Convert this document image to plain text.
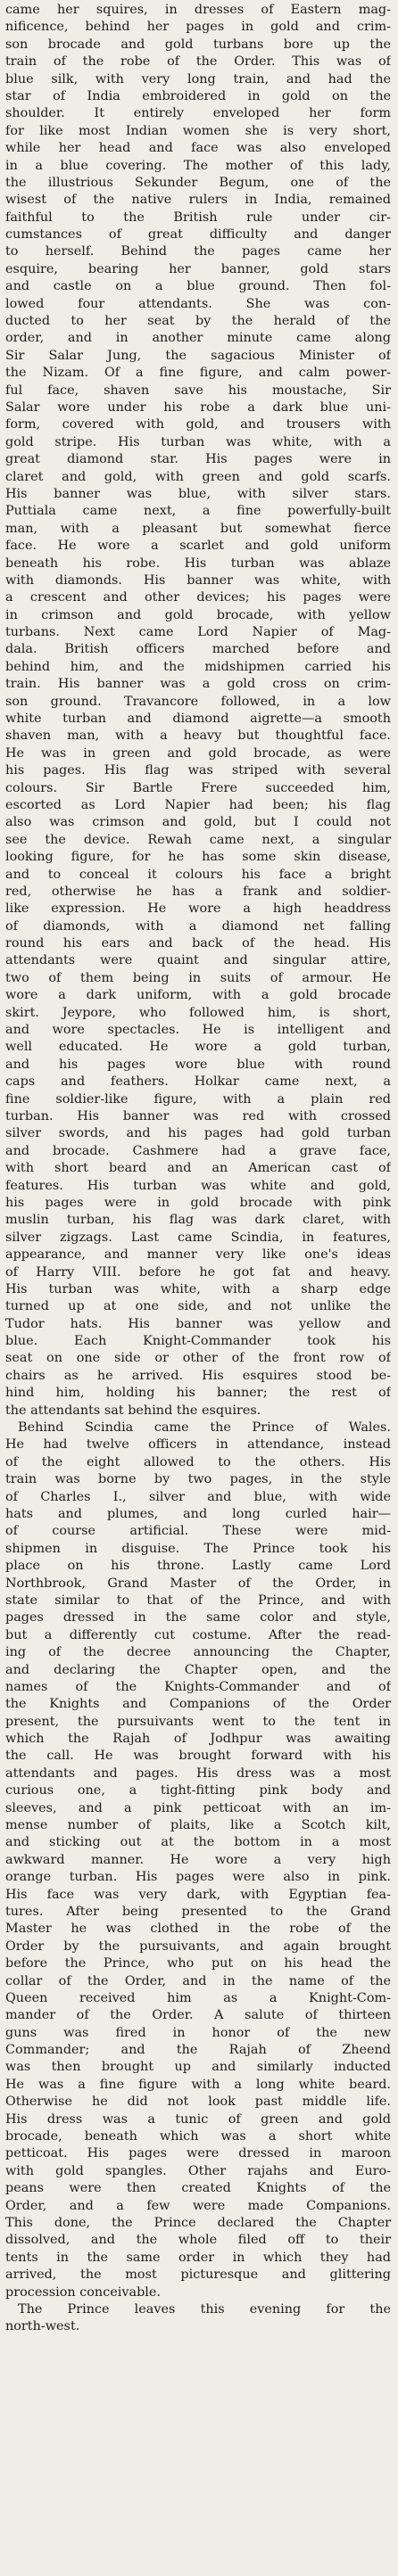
came her squires, in dresses of Eastern mag-
nificence, behind her pages in gold and crim-
son brocade and gold turbans bore up the
train of the robe of the Order. This was of
blue silk, with very long train, and had the
star of India embroidered in gold on the
shoulder. It entirely enveloped her form
for like most Indian women she is very short,
while her head and face was also enveloped
in a blue covering. The mother of this lady,
the illustrious Sekunder Begum, one of the
wisest of the native rulers in India, remained
faithful to the British rule under cir-
cumstances of great difficulty and danger
to herself. Behind the pages came her
esquire, bearing her banner, gold stars
and castle on a blue ground. Then fol-
lowed four attendants. She was con-
ducted to her seat by the herald of the
order, and in another minute came along
Sir Salar Jung, the sagacious Minister of
the Nizam. Of a fine figure, and calm power-
ful face, shaven save his moustache, Sir
Salar wore under his robe a dark blue uni-
form, covered with gold, and trousers with
gold stripe. His turban was white, with a
great diamond star. His pages were in
claret and gold, with green and gold scarfs.
His banner was blue, with silver stars.
Puttiala came next, a fine powerfully-built
man, with a pleasant but somewhat fierce
face. He wore a scarlet and gold uniform
beneath his robe. His turban was ablaze
with diamonds. His banner was white, with
a crescent and other devices; his pages were
in crimson and gold brocade, with yellow
turbans. Next came Lord Napier of Mag-
dala. British officers marched before and
behind him, and the midshipmen carried his
train. His banner was a gold cross on crim-
son ground. Travancore followed, in a low
white turban and diamond aigrette—a smooth
shaven man, with a heavy but thoughtful face.
He was in green and gold brocade, as were
his pages. His flag was striped with several
colours. Sir Bartle Frere succeeded him,
escorted as Lord Napier had been; his flag
also was crimson and gold, but I could not
see the device. Rewah came next, a singular
looking figure, for he has some skin disease,
and to conceal it colours his face a bright
red, otherwise he has a frank and soldier-
like expression. He wore a high headdress
of diamonds, with a diamond net falling
round his ears and back of the head. His
attendants were quaint and singular attire,
two of them being in suits of armour. He
wore a dark uniform, with a gold brocade
skirt. Jeypore, who followed him, is short,
and wore spectacles. He is intelligent and
well educated. He wore a gold turban,
and his pages wore blue with round
caps and feathers. Holkar came next, a
fine soldier-like figure, with a plain red
turban. His banner was red with crossed
silver swords, and his pages had gold turban
and brocade. Cashmere had a grave face,
with short beard and an American cast of
features. His turban was white and gold,
his pages were in gold brocade with pink
muslin turban, his flag was dark claret, with
silver zigzags. Last came Scindia, in features,
appearance, and manner very like one's ideas
of Harry VIII. before he got fat and heavy.
His turban was white, with a sharp edge
turned up at one side, and not unlike the
Tudor hats. His banner was yellow and
blue. Each Knight-Commander took his
seat on one side or other of the front row of
chairs as he arrived. His esquires stood be-
hind him, holding his banner; the rest of
the attendants sat behind the esquires.
Behind Scindia came the Prince of Wales.
He had twelve officers in attendance, instead
of the eight allowed to the others. His
train was borne by two pages, in the style
of Charles I., silver and blue, with wide
hats and plumes, and long curled hair—
of course artificial. These were mid-
shipmen in disguise. The Prince took his
place on his throne. Lastly came Lord
Northbrook, Grand Master of the Order, in
state similar to that of the Prince, and with
pages dressed in the same color and style,
but a differently cut costume. After the read-
ing of the decree announcing the Chapter,
and declaring the Chapter open, and the
names of the Knights-Commander and of
the Knights and Companions of the Order
present, the pursuivants went to the tent in
which the Rajah of Jodhpur was awaiting
the call. He was brought forward with his
attendants and pages. His dress was a most
curious one, a tight-fitting pink body and
sleeves, and a pink petticoat with an im-
mense number of plaits, like a Scotch kilt,
and sticking out at the bottom in a most
awkward manner. He wore a very high
orange turban. His pages were also in pink.
His face was very dark, with Egyptian fea-
tures. After being presented to the Grand
Master he was clothed in the robe of the
Order by the pursuivants, and again brought
before the Prince, who put on his head the
collar of the Order, and in the name of the
Queen received him as a Knight-Com-
mander of the Order. A salute of thirteen
guns was fired in honor of the new
Commander; and the Rajah of Zheend
was then brought up and similarly inducted
He was a fine figure with a long white beard.
Otherwise he did not look past middle life.
His dress was a tunic of green and gold
brocade, beneath which was a short white
petticoat. His pages were dressed in maroon
with gold spangles. Other rajahs and Euro-
peans were then created Knights of the
Order, and a few were made Companions.
This done, the Prince declared the Chapter
dissolved, and the whole filed off to their
tents in the same order in which they had
arrived, the most picturesque and glittering
procession conceivable.
The Prince leaves this evening for the
north-west.
